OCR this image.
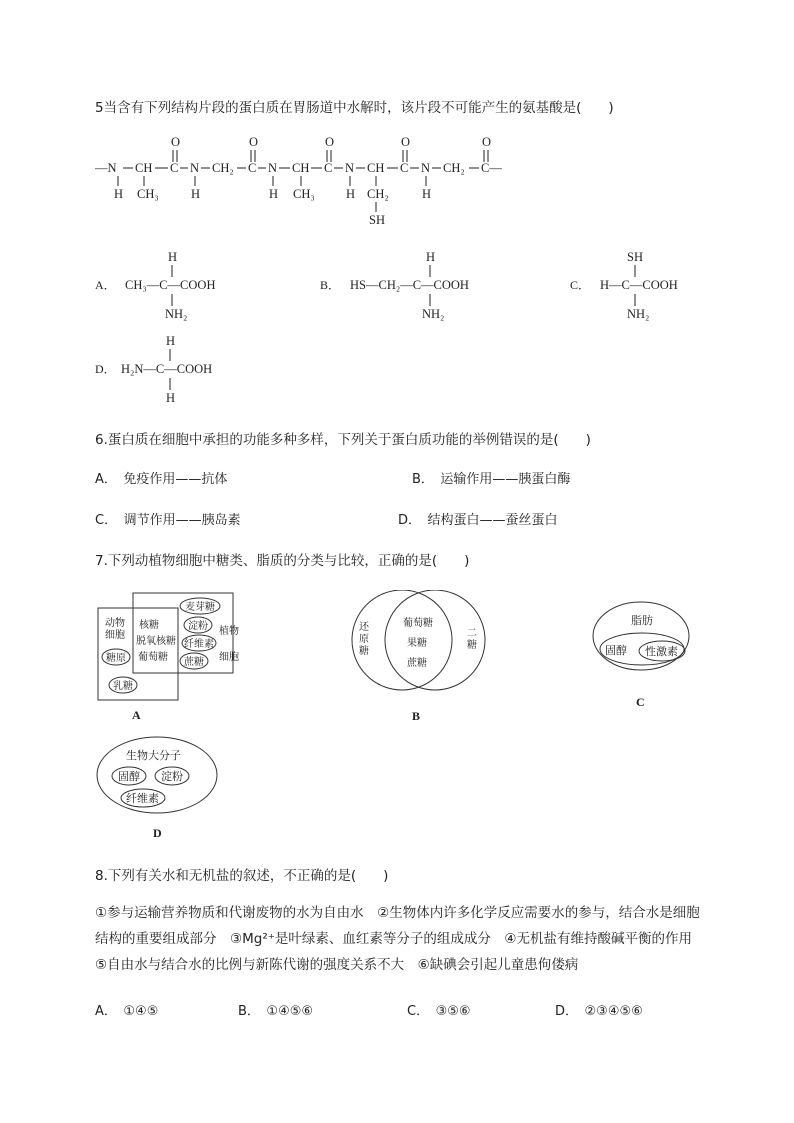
5当含有下列结构片段的蛋白质在胃肠道中水解时，该片段不可能产生的氨基酸是(　　)
O	O	O	O	O
—N CH C N CH₂ C N CH C N CH C N CH₂ C—
H CH₃	H	H CH₃	H CH₂	H
SH
A．
H
CH₃—C—COOH
NH₂
B．
H
HS—CH₂—C—COOH
NH₂
C．
SH
H—C—COOH
NH₂
D．
H
H₂N—C—COOH
H
6.蛋白质在细胞中承担的功能多种多样，下列关于蛋白质功能的举例错误的是(　　)
A．　免疫作用——抗体	B．　运输作用——胰蛋白酶
C．　调节作用——胰岛素	D．　结构蛋白——蚕丝蛋白
7.下列动植物细胞中糖类、脂质的分类与比较，正确的是(　　)
动物
细胞
糖原
乳糖
核糖
脱氧核糖
葡萄糖
麦芽糖
淀粉
纤维素
蔗糖
植物
细胞
A
还
原
糖
葡萄糖
果糖
蔗糖
二
糖
B
脂肪
固醇 性激素
C
生物大分子
固醇 淀粉
纤维素
D
8.下列有关水和无机盐的叙述，不正确的是(　　)
①参与运输营养物质和代谢废物的水为自由水　②生物体内许多化学反应需要水的参与，结合水是细胞结构的重要组成部分　③Mg²⁺是叶绿素、血红素等分子的组成成分　④无机盐有维持酸碱平衡的作用　⑤自由水与结合水的比例与新陈代谢的强度关系不大　⑥缺碘会引起儿童患佝偻病
A．　①④⑤	B．　①④⑤⑥	C．　③⑤⑥	D．　②③④⑤⑥
